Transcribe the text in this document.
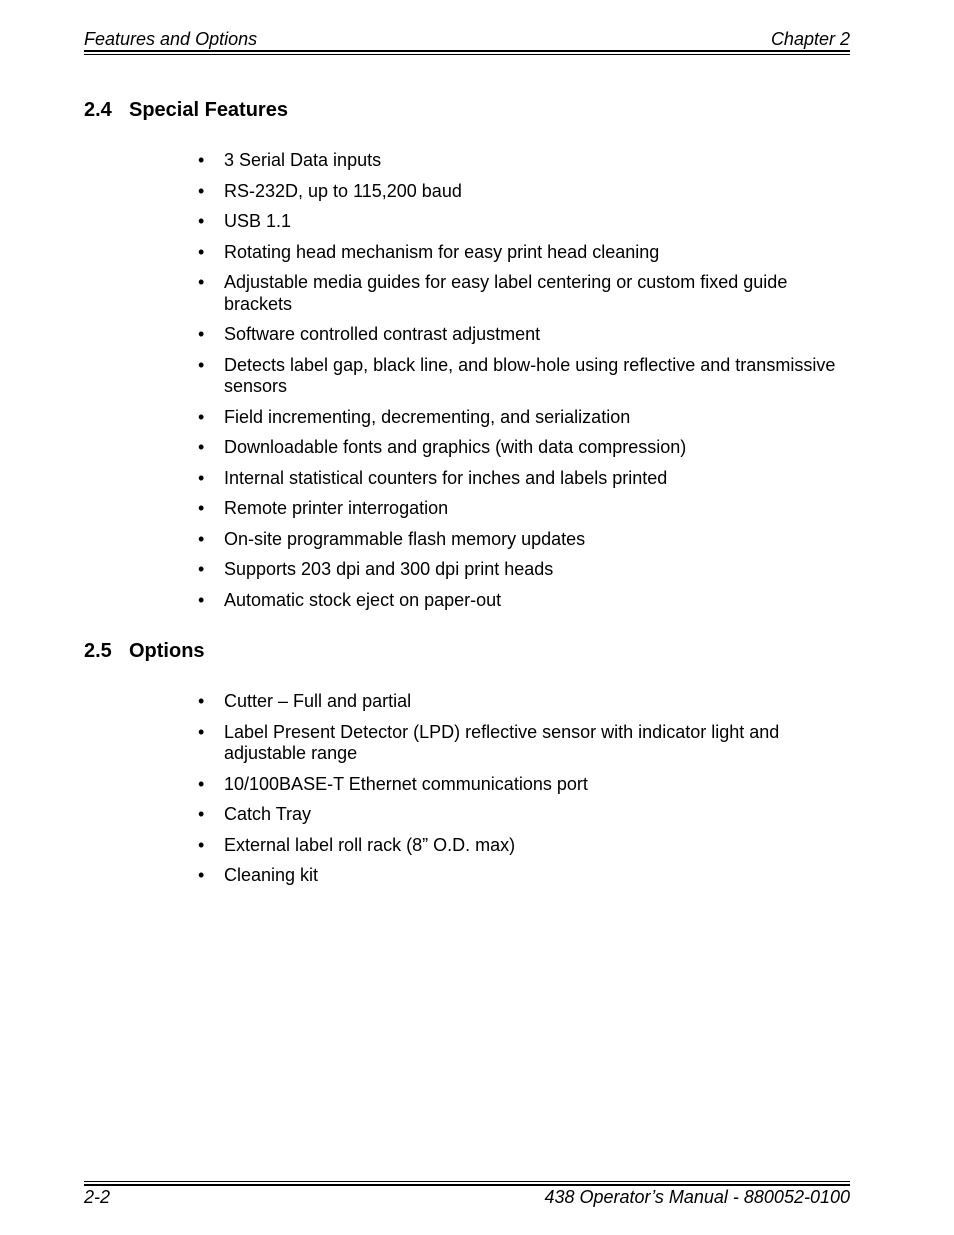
Features and Options	Chapter 2
2.4 Special Features
• 3 Serial Data inputs
• RS-232D, up to 115,200 baud
• USB 1.1
• Rotating head mechanism for easy print head cleaning
• Adjustable media guides for easy label centering or custom fixed guide brackets
• Software controlled contrast adjustment
• Detects label gap, black line, and blow-hole using reflective and transmissive sensors
• Field incrementing, decrementing, and serialization
• Downloadable fonts and graphics (with data compression)
• Internal statistical counters for inches and labels printed
• Remote printer interrogation
• On-site programmable flash memory updates
• Supports 203 dpi and 300 dpi print heads
• Automatic stock eject on paper-out
2.5 Options
• Cutter – Full and partial
• Label Present Detector (LPD) reflective sensor with indicator light and adjustable range
• 10/100BASE-T Ethernet communications port
• Catch Tray
• External label roll rack (8” O.D. max)
• Cleaning kit
2-2	438 Operator’s Manual - 880052-0100
